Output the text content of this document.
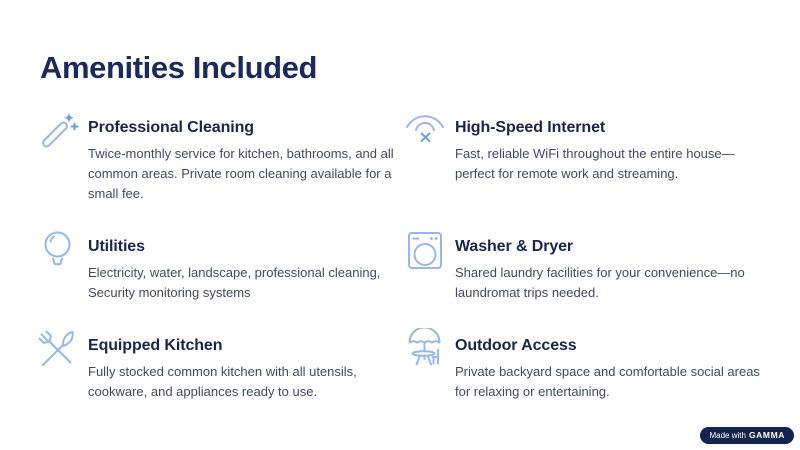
Amenities Included
Professional Cleaning

Twice-monthly service for kitchen, bathrooms, and all common areas. Private room cleaning available for a small fee.

High-Speed Internet

Fast, reliable WiFi throughout the entire house—perfect for remote work and streaming.

Utilities

Electricity, water, landscape, professional cleaning, Security monitoring systems

Washer & Dryer

Shared laundry facilities for your convenience—no laundromat trips needed.

Equipped Kitchen

Fully stocked common kitchen with all utensils, cookware, and appliances ready to use.

Outdoor Access

Private backyard space and comfortable social areas for relaxing or entertaining.

Made with GAMMA
